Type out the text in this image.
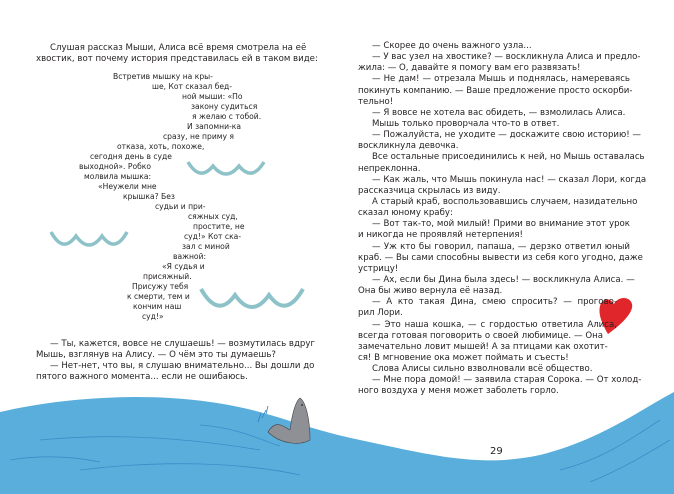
Слушая рассказ Мыши, Алиса всё время смотрела на её
хвостик, вот почему история представилась ей в таком виде:
Встретив мышку на кры-
ше, Кот сказал бед-
ной мыши: «По
закону судиться
я желаю с тобой.
И запомни-ка
сразу, не приму я
отказа, хоть, похоже,
сегодня день в суде
выходной». Робко
молвила мышка:
«Неужели мне
крышка? Без
судьи и при-
сяжных суд,
простите, не
суд!» Кот ска-
зал с миной
важной:
«Я судья и
присяжный.
Присужу тебя
к смерти, тем и
кончим наш
суд!»
— Ты, кажется, вовсе не слушаешь! — возмутилась вдруг
Мышь, взглянув на Алису. — О чём это ты думаешь?
— Нет-нет, что вы, я слушаю внимательно... Вы дошли до
пятого важного момента... если не ошибаюсь.
— Скорее до очень важного узла...
— У вас узел на хвостике? — воскликнула Алиса и предло-
жила: — О, давайте я помогу вам его развязать!
— Не дам! — отрезала Мышь и поднялась, намереваясь
покинуть компанию. — Ваше предложение просто оскорби-
тельно!
— Я вовсе не хотела вас обидеть, — взмолилась Алиса.
Мышь только проворчала что-то в ответ.
— Пожалуйста, не уходите — доскажите свою историю! —
воскликнула девочка.
Все остальные присоединились к ней, но Мышь оставалась
непреклонна.
— Как жаль, что Мышь покинула нас! — сказал Лори, когда
рассказчица скрылась из виду.
А старый краб, воспользовавшись случаем, назидательно
сказал юному крабу:
— Вот так-то, мой милый! Прими во внимание этот урок
и никогда не проявляй нетерпения!
— Уж кто бы говорил, папаша, — дерзко ответил юный
краб. — Вы сами способны вывести из себя кого угодно, даже
устрицу!
— Ах, если бы Дина была здесь! — воскликнула Алиса. —
Она бы живо вернула её назад.
— А кто такая Дина, смею спросить? — прогово-
рил Лори.
— Это наша кошка, — с гордостью ответила Алиса,
всегда готовая поговорить о своей любимице. — Она
замечательно ловит мышей! А за птицами как охотит-
ся! В мгновение ока может поймать и съесть!
Слова Алисы сильно взволновали всё общество.
— Мне пора домой! — заявила старая Сорока. — От холод-
ного воздуха у меня может заболеть горло.
29
